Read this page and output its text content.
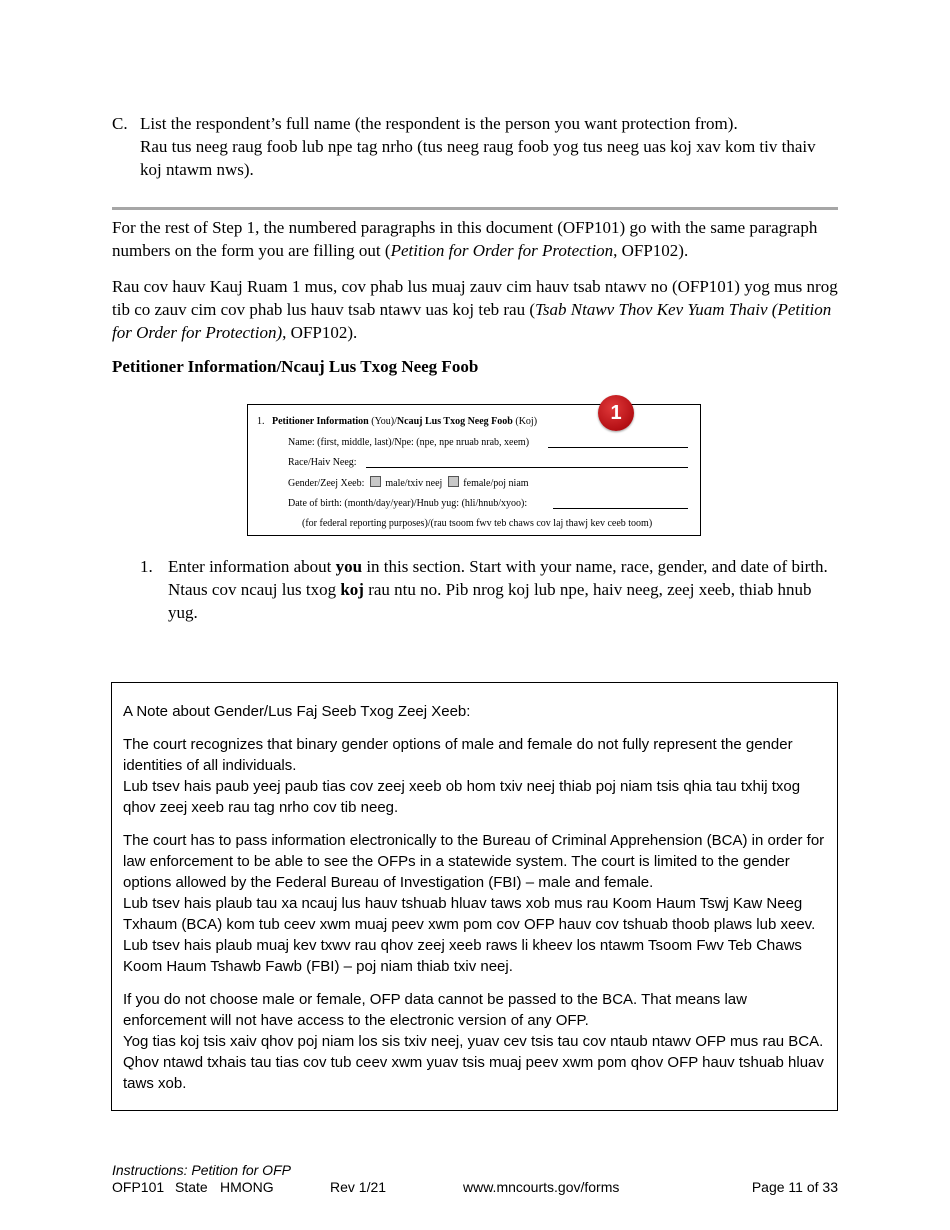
C. List the respondent’s full name (the respondent is the person you want protection from).
Rau tus neeg raug foob lub npe tag nrho (tus neeg raug foob yog tus neeg uas koj xav kom tiv thaiv koj ntawm nws).

For the rest of Step 1, the numbered paragraphs in this document (OFP101) go with the same paragraph numbers on the form you are filling out (Petition for Order for Protection, OFP102).

Rau cov hauv Kauj Ruam 1 mus, cov phab lus muaj zauv cim hauv tsab ntawv no (OFP101) yog mus nrog tib co zauv cim cov phab lus hauv tsab ntawv uas koj teb rau (Tsab Ntawv Thov Kev Yuam Thaiv (Petition for Order for Protection), OFP102).

Petitioner Information/Ncauj Lus Txog Neeg Foob
1
1. Petitioner Information (You)/Ncauj Lus Txog Neeg Foob (Koj)
Name: (first, middle, last)/Npe: (npe, npe nruab nrab, xeem)
Race/Haiv Neeg:
Gender/Zeej Xeeb: male/txiv neej female/poj niam
Date of birth: (month/day/year)/Hnub yug: (hli/hnub/xyoo):
(for federal reporting purposes)/(rau tsoom fwv teb chaws cov laj thawj kev ceeb toom)
1. Enter information about you in this section. Start with your name, race, gender, and date of birth.
Ntaus cov ncauj lus txog koj rau ntu no. Pib nrog koj lub npe, haiv neeg, zeej xeeb, thiab hnub yug.

A Note about Gender/Lus Faj Seeb Txog Zeej Xeeb:

The court recognizes that binary gender options of male and female do not fully represent the gender identities of all individuals.
Lub tsev hais paub yeej paub tias cov zeej xeeb ob hom txiv neej thiab poj niam tsis qhia tau txhij txog qhov zeej xeeb rau tag nrho cov tib neeg.

The court has to pass information electronically to the Bureau of Criminal Apprehension (BCA) in order for law enforcement to be able to see the OFPs in a statewide system. The court is limited to the gender options allowed by the Federal Bureau of Investigation (FBI) – male and female.
Lub tsev hais plaub tau xa ncauj lus hauv tshuab hluav taws xob mus rau Koom Haum Tswj Kaw Neeg Txhaum (BCA) kom tub ceev xwm muaj peev xwm pom cov OFP hauv cov tshuab thoob plaws lub xeev. Lub tsev hais plaub muaj kev txwv rau qhov zeej xeeb raws li kheev los ntawm Tsoom Fwv Teb Chaws Koom Haum Tshawb Fawb (FBI) – poj niam thiab txiv neej.

If you do not choose male or female, OFP data cannot be passed to the BCA. That means law enforcement will not have access to the electronic version of any OFP.
Yog tias koj tsis xaiv qhov poj niam los sis txiv neej, yuav cev tsis tau cov ntaub ntawv OFP mus rau BCA. Qhov ntawd txhais tau tias cov tub ceev xwm yuav tsis muaj peev xwm pom qhov OFP hauv tshuab hluav taws xob.

Instructions: Petition for OFP
OFP101 State HMONG	Rev 1/21	www.mncourts.gov/forms	Page 11 of 33
